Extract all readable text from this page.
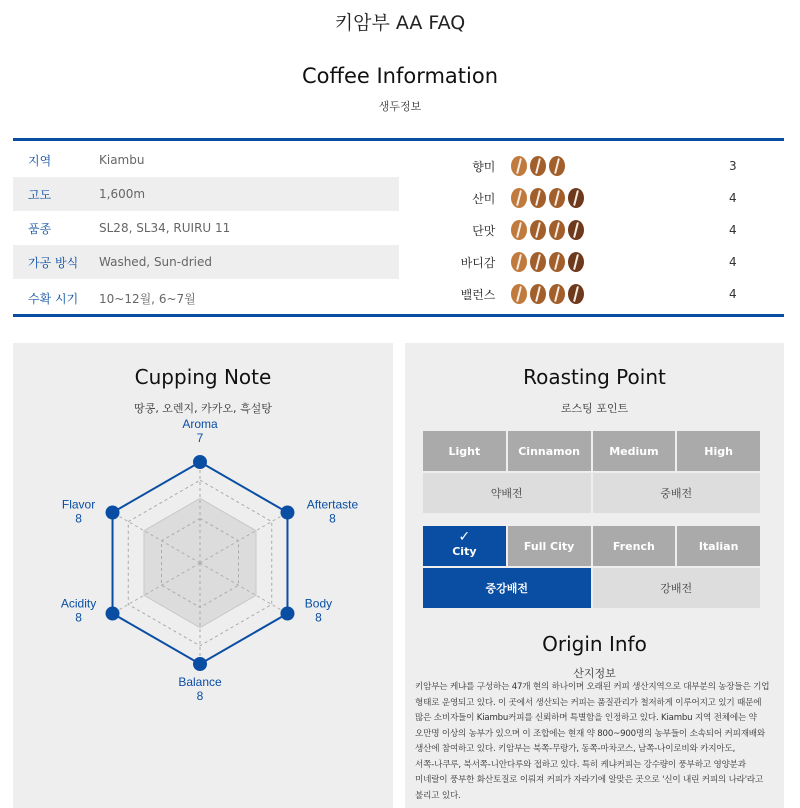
키암부 AA FAQ
Coffee Information
생두정보
지역	Kiambu
고도	1,600m
품종	SL28, SL34, RUIRU 11
가공 방식	Washed, Sun-dried
수확 시기	10~12월, 6~7월
향미	3
산미	4
단맛	4
바디감	4
밸런스	4
Cupping Note
땅콩, 오렌지, 카카오, 흑설탕
Aroma
7
Aftertaste
8
Body
8
Balance
8
Acidity
8
Flavor
8
Roasting Point
로스팅 포인트
Light	Cinnamon	Medium	High
약배전	중배전
✓
City	Full City	French	Italian
중강배전	강배전
Origin Info
산지정보
키암부는 케냐를 구성하는 47개 현의 하나이며 오래된 커피 생산지역으로 대부분의 농장들은 기업
형태로 운영되고 있다. 이 곳에서 생산되는 커피는 품질관리가 철저하게 이루어지고 있기 때문에
많은 소비자들이 Kiambu커피를 신뢰하며 특별함을 인정하고 있다. Kiambu 지역 전체에는 약
오만명 이상의 농부가 있으며 이 조합에는 현재 약 800~900명의 농부들이 소속되어 커피재배와
생산에 참여하고 있다. 키암부는 북쪽-무랑가, 동쪽-마차코스, 남쪽-나이로비와 카지아도,
서쪽-나쿠루, 북서쪽-니안다루와 접하고 있다. 특히 케냐커피는 강수량이 풍부하고 영양분과
미네랄이 풍부한 화산토질로 이뤄져 커피가 자라기에 알맞은 곳으로 '신이 내린 커피의 나라'라고
불리고 있다.
